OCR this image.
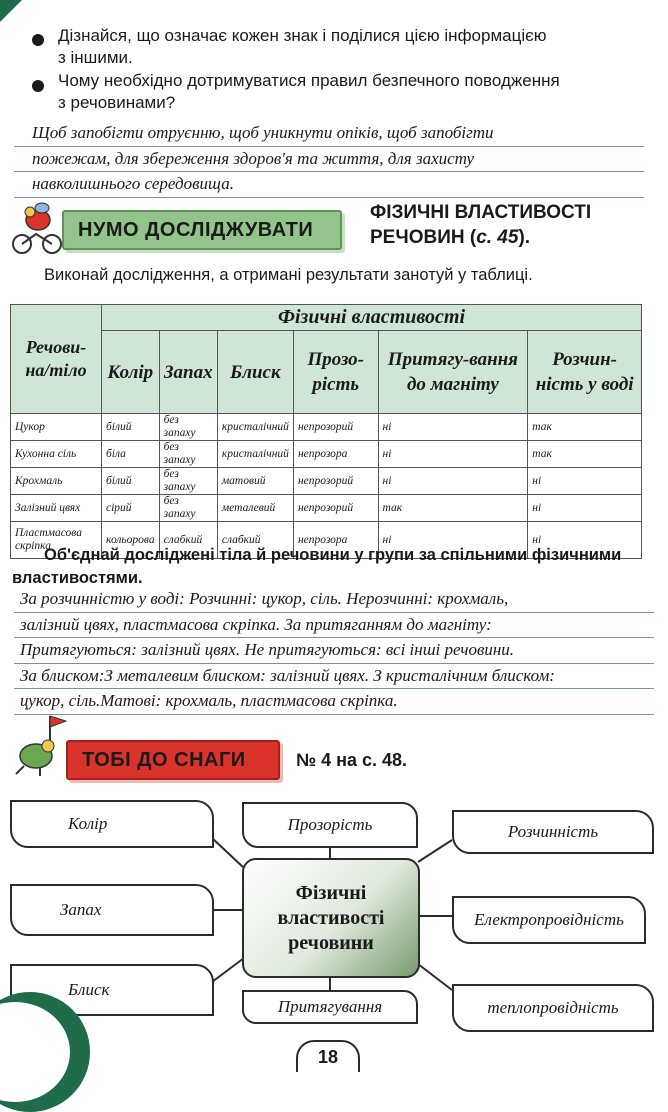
Дізнайся, що означає кожен знак і поділися цією інформацією
з іншими.
Чому необхідно дотримуватися правил безпечного поводження
з речовинами?
Щоб запобігти отруєнню, щоб уникнути опіків, щоб запобігти
пожежам, для збереження здоров'я та життя, для захисту
навколишнього середовища.
НУМО ДОСЛІДЖУВАТИ
ФІЗИЧНІ ВЛАСТИВОСТІ
РЕЧОВИН (с. 45).
Виконай дослідження, а отримані результати занотуй у таблиці.
Речови-на/тіло	Фізичні властивості					
	Колір	Запах	Блиск	Прозо-рість	Притягу-вання до магніту	Розчин-ність у воді
Цукор	білий	без запаху	кристалічний	непрозорий	ні	так
Кухонна сіль	біла	без запаху	кристалічний	непрозора	ні	так
Крохмаль	білий	без запаху	матовий	непрозорий	ні	ні
Залізний цвях	сірий	без запаху	металевий	непрозорий	так	ні
Пластмасова скріпка	кольорова	слабкий	слабкий	непрозора	ні	ні
Об'єднай досліджені тіла й речовини у групи за спільними фізичними
властивостями.
За розчинністю у воді: Розчинні: цукор, сіль. Нерозчинні: крохмаль,
залізний цвях, пластмасова скріпка. За притяганням до магніту:
Притягуються: залізний цвях. Не притягуються: всі інші речовини.
За блиском:З металевим блиском: залізний цвях. З кристалічним блиском:
цукор, сіль.Матові: крохмаль, пластмасова скріпка.
ТОБІ ДО СНАГИ	№ 4 на с. 48.
Колір
Запах
Блиск
Прозорість
Притягування
Розчинність
Електропровідність
теплопровідність
Фізичні
властивості
речовини
18
